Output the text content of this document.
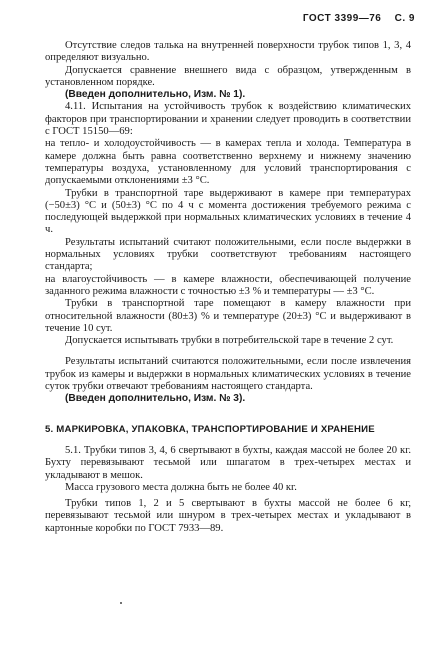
ГОСТ 3399—76 С. 9

Отсутствие следов талька на внутренней поверхности трубок типов 1, 3, 4 определяют визуально.

Допускается сравнение внешнего вида с образцом, утвержденным в установленном порядке.

(Введен дополнительно, Изм. № 1).

4.11. Испытания на устойчивость трубок к воздействию климатических факторов при транспортировании и хранении следует проводить в соответствии с ГОСТ 15150—69:

на тепло- и холодоустойчивость — в камерах тепла и холода. Температура в камере должна быть равна соответственно верхнему и нижнему значению температуры воздуха, установленному для условий транспортирования с допускаемыми отклонениями ±3 °С.

Трубки в транспортной таре выдерживают в камере при температурах (−50±3) °С и (50±3) °С по 4 ч с момента достижения требуемого режима с последующей выдержкой при нормальных климатических условиях в течение 4 ч.

Результаты испытаний считают положительными, если после выдержки в нормальных условиях трубки соответствуют требованиям настоящего стандарта;

на влагоустойчивость — в камере влажности, обеспечивающей получение заданного режима влажности с точностью ±3 % и температуры — ±3 °С.

Трубки в транспортной таре помещают в камеру влажности при относительной влажности (80±3) % и температуре (20±3) °С и выдерживают в течение 10 сут.

Допускается испытывать трубки в потребительской таре в течение 2 сут.

Результаты испытаний считаются положительными, если после извлечения трубок из камеры и выдержки в нормальных климатических условиях в течение суток трубки отвечают требованиям настоящего стандарта.

(Введен дополнительно, Изм. № 3).

5. МАРКИРОВКА, УПАКОВКА, ТРАНСПОРТИРОВАНИЕ И ХРАНЕНИЕ

5.1. Трубки типов 3, 4, 6 свертывают в бухты, каждая массой не более 20 кг. Бухту перевязывают тесьмой или шпагатом в трех-четырех местах и укладывают в мешок.

Масса грузового места должна быть не более 40 кг.

Трубки типов 1, 2 и 5 свертывают в бухты массой не более 6 кг, перевязывают тесьмой или шнуром в трех-четырех местах и укладывают в картонные коробки по ГОСТ 7933—89.
